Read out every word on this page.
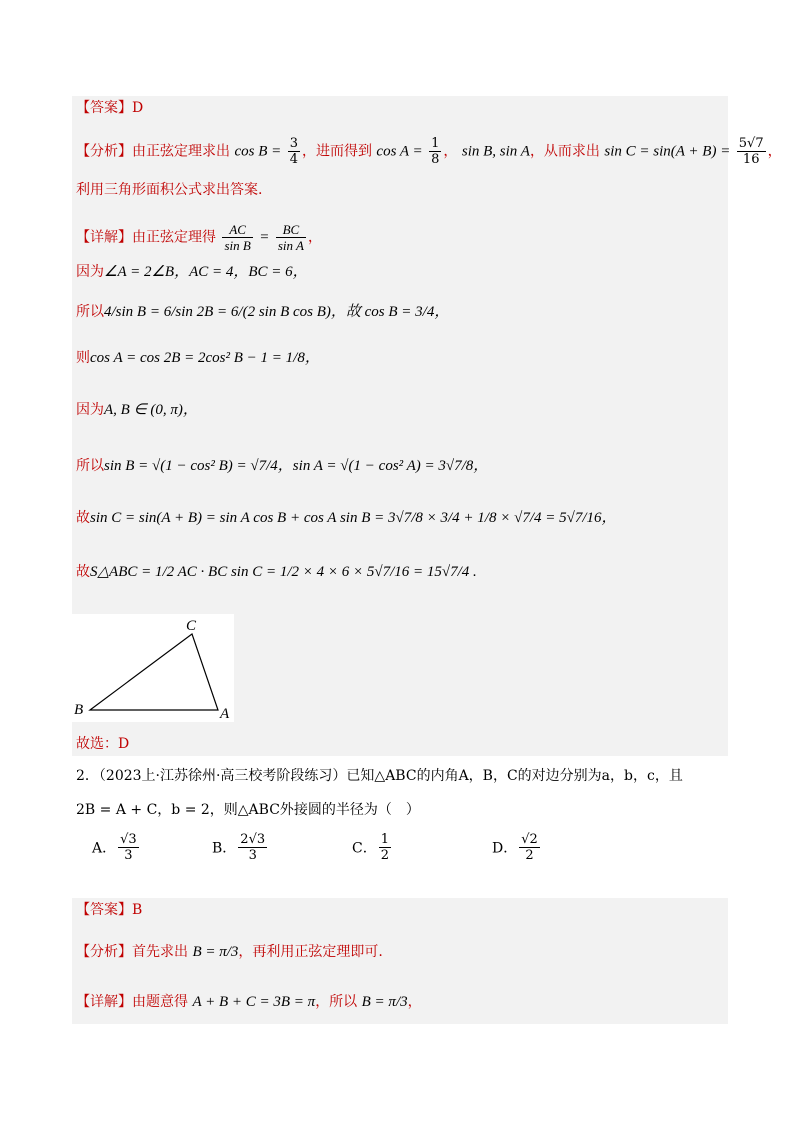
【答案】D
【分析】由正弦定理求出 $\cos B = \frac{3}{4}$ ，进而得到 $\cos A = \frac{1}{8}$ ， sin B, sin A，从而求出 $\sin C = \sin(A + B) = \frac{5√7}{16}$ ，
利用三角形面积公式求出答案.
【详解】由正弦定理得 $\frac{AC}{\text{sin B}} = \frac{BC}{\text{sin A}}$ ，
因为∠A = 2∠B，AC = 4，BC = 6，
所以4/sin B = 6/sin 2B = 6/(2 sin B cos B)，故 cos B = 3/4，
则cos A = cos 2B = 2cos² B − 1 = 1/8，
因为A, B ∈ (0, π)，
所以sin B = √(1 − cos² B) = √7/4，sin A = √(1 − cos² A) = 3√7/8，
故sin C = sin(A + B) = sin A cos B + cos A sin B = 3√7/8 × 3/4 + 1/8 × √7/4 = 5√7/16，
故S△ABC = 1/2 AC · BC sin C = 1/2 × 4 × 6 × 5√7/16 = 15√7/4 .
C
B	A
故选：D
2．（2023上·江苏徐州·高三校考阶段练习）已知△ABC的内角A，B，C的对边分别为a，b，c，且
2B = A + C，b = 2，则△ABC外接圆的半径为（　）
A． $\frac{√3}{3}$	B． $\frac{2√3}{3}$	C． $\frac{1}{2}$	D． $\frac{√2}{2}$
【答案】B
【分析】首先求出 B = π/3，再利用正弦定理即可.
【详解】由题意得 A + B + C = 3B = π，所以 B = π/3，
